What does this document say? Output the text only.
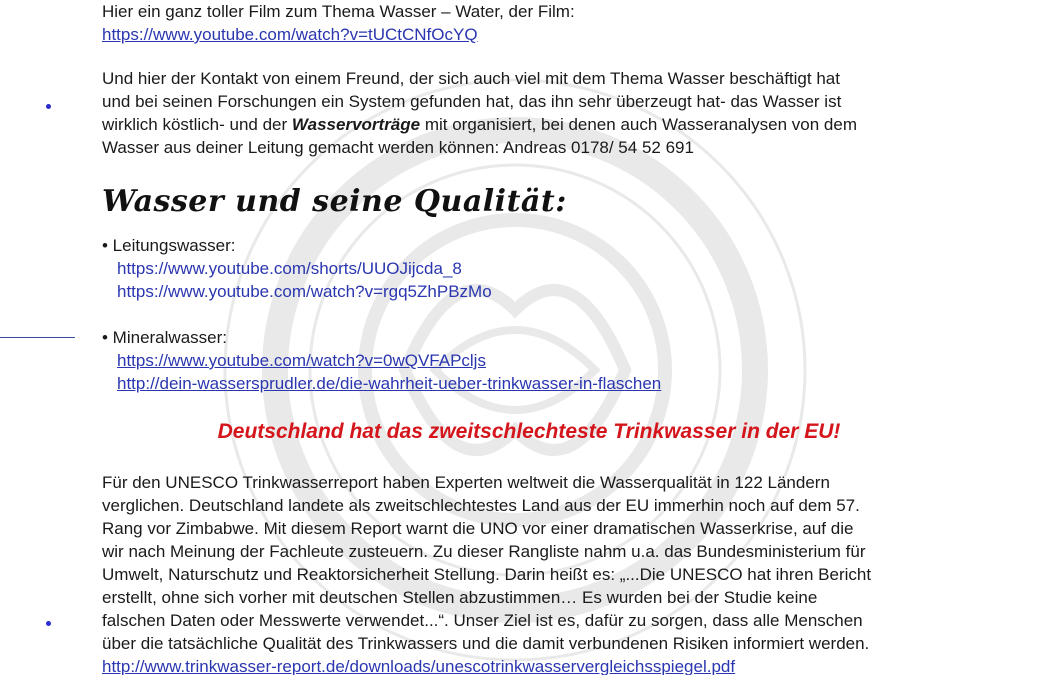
Hier ein ganz toller Film zum Thema Wasser – Water, der Film:
https://www.youtube.com/watch?v=tUCtCNfOcYQ
Und hier der Kontakt von einem Freund, der sich auch viel mit dem Thema Wasser beschäftigt hat
und bei seinen Forschungen ein System gefunden hat, das ihn sehr überzeugt hat- das Wasser ist
wirklich köstlich- und der Wasservorträge mit organisiert, bei denen auch Wasseranalysen von dem
Wasser aus deiner Leitung gemacht werden können: Andreas 0178/ 54 52 691
Wasser und seine Qualität:
• Leitungswasser:
https://www.youtube.com/shorts/UUOJijcda_8
https://www.youtube.com/watch?v=rgq5ZhPBzMo
• Mineralwasser:
https://www.youtube.com/watch?v=0wQVFAPcljs
http://dein-wassersprudler.de/die-wahrheit-ueber-trinkwasser-in-flaschen
Deutschland hat das zweitschlechteste Trinkwasser in der EU!
Für den UNESCO Trinkwasserreport haben Experten weltweit die Wasserqualität in 122 Ländern
verglichen. Deutschland landete als zweitschlechtestes Land aus der EU immerhin noch auf dem 57.
Rang vor Zimbabwe. Mit diesem Report warnt die UNO vor einer dramatischen Wasserkrise, auf die
wir nach Meinung der Fachleute zusteuern. Zu dieser Rangliste nahm u.a. das Bundesministerium für
Umwelt, Naturschutz und Reaktorsicherheit Stellung. Darin heißt es: „...Die UNESCO hat ihren Bericht
erstellt, ohne sich vorher mit deutschen Stellen abzustimmen… Es wurden bei der Studie keine
falschen Daten oder Messwerte verwendet...“. Unser Ziel ist es, dafür zu sorgen, dass alle Menschen
über die tatsächliche Qualität des Trinkwassers und die damit verbundenen Risiken informiert werden.
http://www.trinkwasser-report.de/downloads/unescotrinkwasservergleichsspiegel.pdf
